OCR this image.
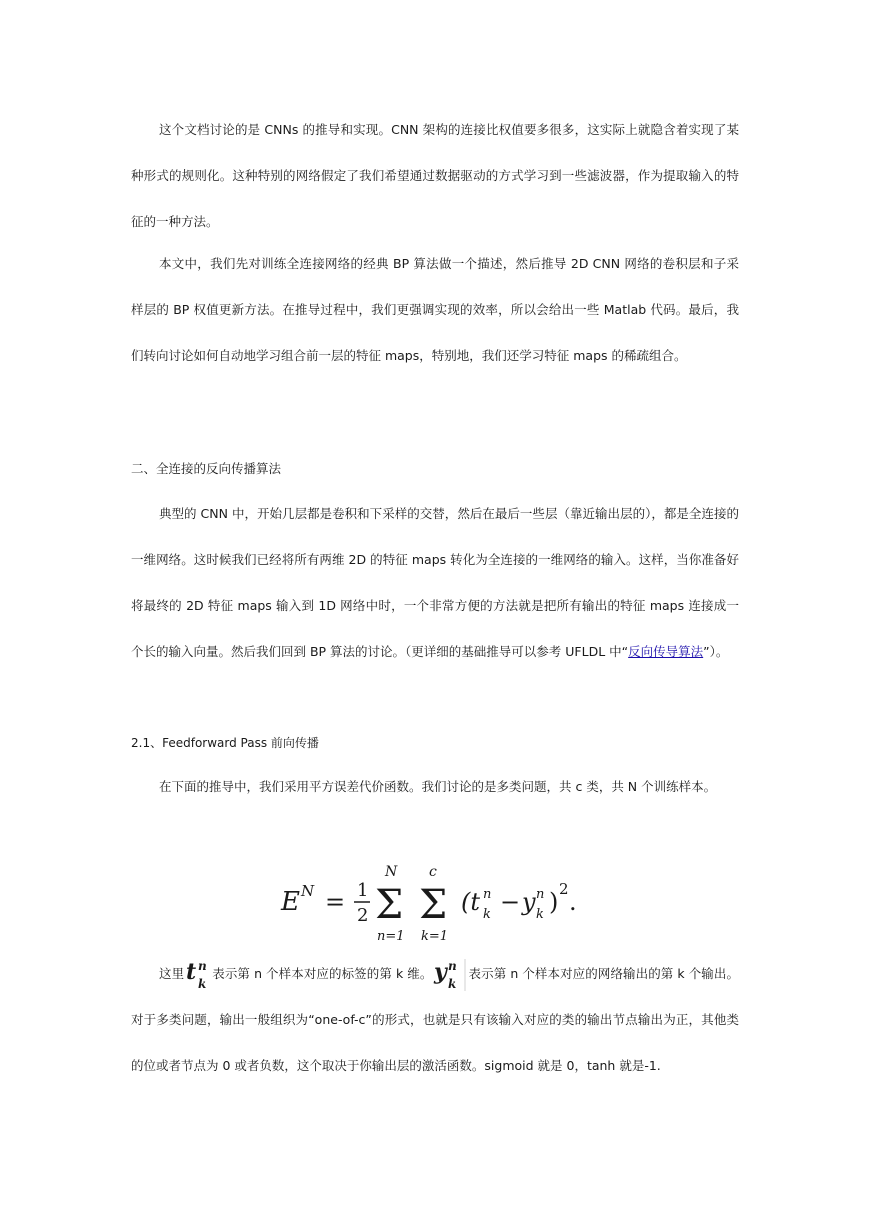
这个文档讨论的是 CNNs 的推导和实现。CNN 架构的连接比权值要多很多，这实际上就隐含着实现了某种形式的规则化。这种特别的网络假定了我们希望通过数据驱动的方式学习到一些滤波器，作为提取输入的特征的一种方法。

本文中，我们先对训练全连接网络的经典 BP 算法做一个描述，然后推导 2D CNN 网络的卷积层和子采样层的 BP 权值更新方法。在推导过程中，我们更强调实现的效率，所以会给出一些 Matlab 代码。最后，我们转向讨论如何自动地学习组合前一层的特征 maps，特别地，我们还学习特征 maps 的稀疏组合。

二、全连接的反向传播算法

典型的 CNN 中，开始几层都是卷积和下采样的交替，然后在最后一些层（靠近输出层的），都是全连接的一维网络。这时候我们已经将所有两维 2D 的特征 maps 转化为全连接的一维网络的输入。这样，当你准备好将最终的 2D 特征 maps 输入到 1D 网络中时，一个非常方便的方法就是把所有输出的特征 maps 连接成一个长的输入向量。然后我们回到 BP 算法的讨论。（更详细的基础推导可以参考 UFLDL 中“反向传导算法”）。

2.1、Feedforward Pass 前向传播

在下面的推导中，我们采用平方误差代价函数。我们讨论的是多类问题，共 c 类，共 N 个训练样本。

E N = 1
2
N
Σ
n=1
c
Σ
k=1
(t n
k − y n
k ) 2 .

这里 t n
k
表示第 n 个样本对应的标签的第 k 维。 y n
k
表示第 n 个样本对应的网络输出的第 k 个输出。对于多类问题，输出一般组织为“one-of-c”的形式，也就是只有该输入对应的类的输出节点输出为正，其他类的位或者节点为 0 或者负数，这个取决于你输出层的激活函数。sigmoid 就是 0，tanh 就是-1.
